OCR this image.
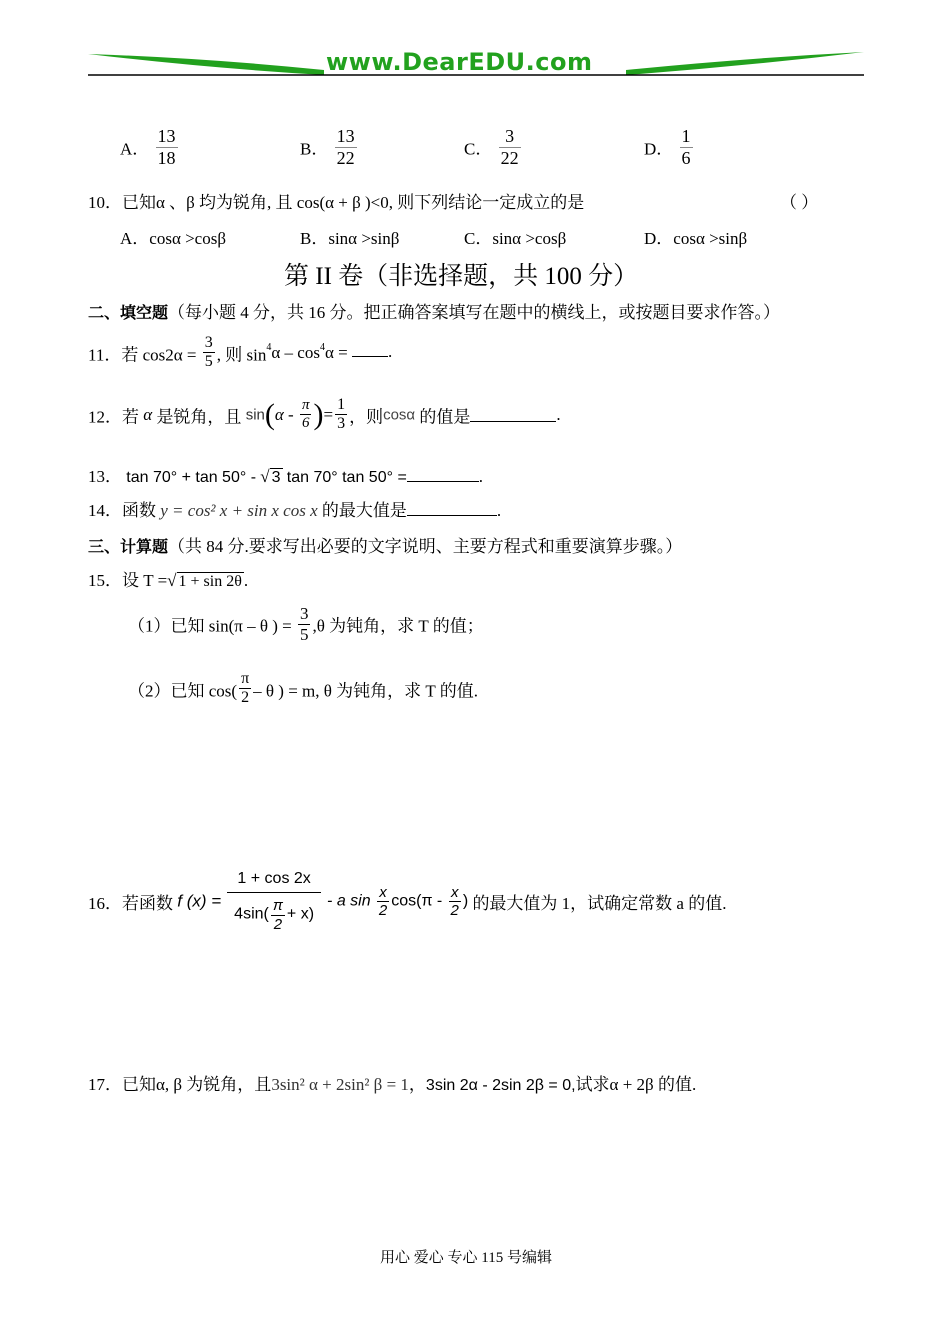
www.DearEDU.com
A． $\frac{13}{18}$	B． $\frac{13}{22}$	C． $\frac{3}{22}$	D． $\frac{1}{6}$
10．已知α 、β 均为锐角, 且 cos(α + β )<0, 则下列结论一定成立的是	（ ）
A．cosα >cosβ	B．sinα >sinβ	C．sinα >cosβ	D．cosα >sinβ
第 II 卷（非选择题，共 100 分）
二、填空题（每小题 4 分，共 16 分。把正确答案填写在题中的横线上，或按题目要求作答。）
11．若 $\cos 2\alpha = \frac{3}{5}$ , 则 $\sin^4\alpha - \cos^4\alpha$ = .
12．若 α 是锐角，且 $\sin(\alpha - \frac{\pi}{6}$ )= $\frac{1}{3}$ ，则cosα 的值是	.
13． tan 70° + tan 50° - √ 3 tan 70° tan 50° =	.
14．函数 y = cos² x + sin x cos x 的最大值是	.
三、计算题（共 84 分.要求写出必要的文字说明、主要方程式和重要演算步骤。）
15．设 T =√ 1 + sin 2θ .
（1）已知 sin(π – θ ) = $\frac{3}{5} ,\theta$ 为钝角，求 T 的值；
（2）已知 $\cos( \frac{\pi}{2}$ – θ ) = m, θ 为钝角，求 T 的值.
16．若函数 f $(x) = \frac{1 + \cos 2x}{4\sin( \frac{\pi}{2} + x)} - a$ $\sin \frac{x}{2} \cos(\pi - \frac{x}{2}$ ) 的最大值为 1，试确定常数 a 的值.
17．已知α, β 为锐角，且3sin² α + 2sin² β = 1，3sin 2α - 2sin 2β = 0,试求α + 2β 的值.
用心 爱心 专心 115 号编辑
